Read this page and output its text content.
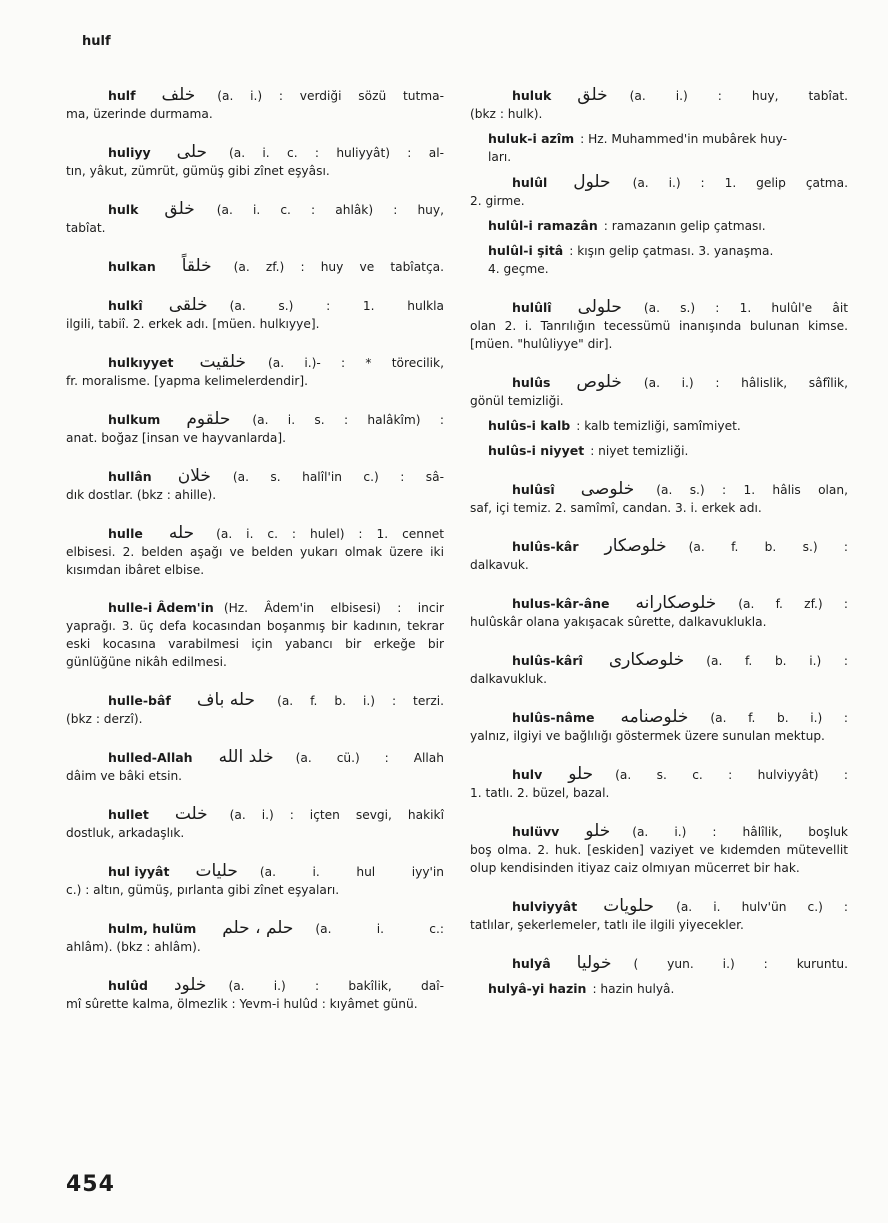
hulf
hulf خلف (a. i.) : verdiği sözü tutma-
ma, üzerinde durmama.
huliyy حلى (a. i. c. : huliyyât) : al-
tın, yâkut, zümrüt, gümüş gibi zînet eşyâsı.
hulk خلق (a. i. c. : ahlâk) : huy,
tabîat.
hulkan خلقاً (a. zf.) : huy ve tabîatça.
hulkî خلقى (a. s.) : 1. hulkla
ilgili, tabiî. 2. erkek adı. [müen. hulkıyye].
hulkıyyet خلقيت (a. i.)- : * törecilik,
fr. moralisme. [yapma kelimelerdendir].
hulkum حلقوم (a. i. s. : halâkîm) :
anat. boğaz [insan ve hayvanlarda].
hullân خلان (a. s. halîl'in c.) : sâ-
dık dostlar. (bkz : ahille).
hulle حله (a. i. c. : hulel) : 1. cennet
elbisesi. 2. belden aşağı ve belden yukarı olmak üzere iki kısımdan ibâret elbise.
hulle-i Âdem'in (Hz. Âdem'in elbisesi) : incir
yaprağı. 3. üç defa kocasından boşanmış bir kadının, tekrar eski kocasına varabilmesi için yabancı bir erkeğe bir günlüğüne nikâh edilmesi.
hulle-bâf حله باف (a. f. b. i.) : terzi.
(bkz : derzî).
hulled-Allah خلد الله (a. cü.) : Allah
dâim ve bâki etsin.
hullet خلت (a. i.) : içten sevgi, hakikî
dostluk, arkadaşlık.
hul iyyât حليات (a. i. hul iyy'in
c.) : altın, gümüş, pırlanta gibi zînet eşyaları.
hulm, hulüm حلم ، حلم (a. i. c.:
ahlâm). (bkz : ahlâm).
hulûd خلود (a. i.) : bakîlik, daî-
mî sûrette kalma, ölmezlik : Yevm-i hulûd : kıyâmet günü.
huluk خلق (a. i.) : huy, tabîat.
(bkz : hulk).
huluk-i azîm : Hz. Muhammed'in mubârek huy-
ları.
hulûl حلول (a. i.) : 1. gelip çatma.
2. girme.
hulûl-i ramazân : ramazanın gelip çatması.
hulûl-i şitâ : kışın gelip çatması. 3. yanaşma.
4. geçme.
hulûlî حلولى (a. s.) : 1. hulûl'e âit
olan 2. i. Tanrılığın tecessümü inanışında bulunan kimse. [müen. "hulûliyye" dir].
hulûs خلوص (a. i.) : hâlislik, sâfîlik,
gönül temizliği.
hulûs-i kalb : kalb temizliği, samîmiyet.
hulûs-i niyyet : niyet temizliği.
hulûsî خلوصى (a. s.) : 1. hâlis olan,
saf, içi temiz. 2. samîmî, candan. 3. i. erkek adı.
hulûs-kâr خلوصكار (a. f. b. s.) :
dalkavuk.
hulus-kâr-âne خلوصكارانه (a. f. zf.) :
hulûskâr olana yakışacak sûrette, dalkavuklukla.
hulûs-kârî خلوصكارى (a. f. b. i.) :
dalkavukluk.
hulûs-nâme خلوصنامه (a. f. b. i.) :
yalnız, ilgiyi ve bağlılığı göstermek üzere sunulan mektup.
hulv حلو (a. s. c. : hulviyyât) :
1. tatlı. 2. büzel, bazal.
hulüvv خلو (a. i.) : hâlîlik, boşluk
boş olma. 2. huk. [eskiden] vaziyet ve kıdemden mütevellit olup kendisinden itiyaz caiz olmıyan mücerret bir hak.
hulviyyât حلويات (a. i. hulv'ün c.) :
tatlılar, şekerlemeler, tatlı ile ilgili yiyecekler.
hulyâ خوليا ( yun. i.) : kuruntu.
hulyâ-yi hazin : hazin hulyâ.
454
